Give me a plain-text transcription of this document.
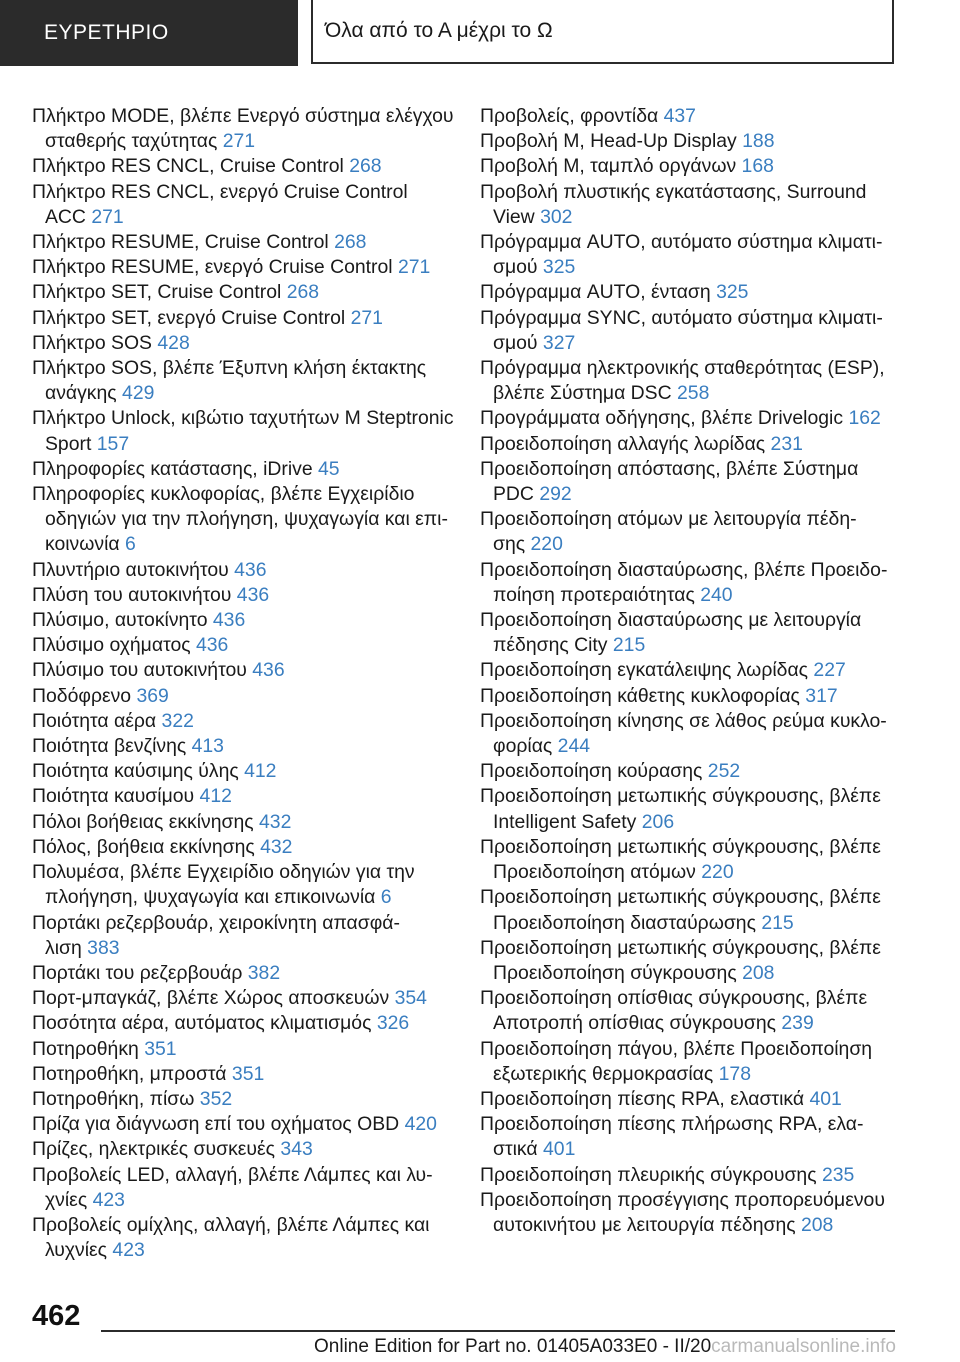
ΕΥΡΕΤΗΡΙΟ	Όλα από το Α μέχρι το Ω
Πλήκτρο MODE, βλέπε Ενεργό σύστημα ελέγχου
σταθερής ταχύτητας 271
Πλήκτρο RES CNCL, Cruise Control 268
Πλήκτρο RES CNCL, ενεργό Cruise Control
ACC 271
Πλήκτρο RESUME, Cruise Control 268
Πλήκτρο RESUME, ενεργό Cruise Control 271
Πλήκτρο SET, Cruise Control 268
Πλήκτρο SET, ενεργό Cruise Control 271
Πλήκτρο SOS 428
Πλήκτρο SOS, βλέπε Έξυπνη κλήση έκτακτης
ανάγκης 429
Πλήκτρο Unlock, κιβώτιο ταχυτήτων M Steptronic
Sport 157
Πληροφορίες κατάστασης, iDrive 45
Πληροφορίες κυκλοφορίας, βλέπε Εγχειρίδιο
οδηγιών για την πλοήγηση, ψυχαγωγία και επι-
κοινωνία 6
Πλυντήριο αυτοκινήτου 436
Πλύση του αυτοκινήτου 436
Πλύσιμο, αυτοκίνητο 436
Πλύσιμο οχήματος 436
Πλύσιμο του αυτοκινήτου 436
Ποδόφρενο 369
Ποιότητα αέρα 322
Ποιότητα βενζίνης 413
Ποιότητα καύσιμης ύλης 412
Ποιότητα καυσίμου 412
Πόλοι βοήθειας εκκίνησης 432
Πόλος, βοήθεια εκκίνησης 432
Πολυμέσα, βλέπε Εγχειρίδιο οδηγιών για την
πλοήγηση, ψυχαγωγία και επικοινωνία 6
Πορτάκι ρεζερβουάρ, χειροκίνητη απασφά-
λιση 383
Πορτάκι του ρεζερβουάρ 382
Πορτ-μπαγκάζ, βλέπε Χώρος αποσκευών 354
Ποσότητα αέρα, αυτόματος κλιματισμός 326
Ποτηροθήκη 351
Ποτηροθήκη, μπροστά 351
Ποτηροθήκη, πίσω 352
Πρίζα για διάγνωση επί του οχήματος OBD 420
Πρίζες, ηλεκτρικές συσκευές 343
Προβολείς LED, αλλαγή, βλέπε Λάμπες και λυ-
χνίες 423
Προβολείς ομίχλης, αλλαγή, βλέπε Λάμπες και
λυχνίες 423
Προβολείς, φροντίδα 437
Προβολή Μ, Head-Up Display 188
Προβολή Μ, ταμπλό οργάνων 168
Προβολή πλυστικής εγκατάστασης, Surround
View 302
Πρόγραμμα AUTO, αυτόματο σύστημα κλιματι-
σμού 325
Πρόγραμμα AUTO, ένταση 325
Πρόγραμμα SYNC, αυτόματο σύστημα κλιματι-
σμού 327
Πρόγραμμα ηλεκτρονικής σταθερότητας (ESP),
βλέπε Σύστημα DSC 258
Προγράμματα οδήγησης, βλέπε Drivelogic 162
Προειδοποίηση αλλαγής λωρίδας 231
Προειδοποίηση απόστασης, βλέπε Σύστημα
PDC 292
Προειδοποίηση ατόμων με λειτουργία πέδη-
σης 220
Προειδοποίηση διασταύρωσης, βλέπε Προειδο-
ποίηση προτεραιότητας 240
Προειδοποίηση διασταύρωσης με λειτουργία
πέδησης City 215
Προειδοποίηση εγκατάλειψης λωρίδας 227
Προειδοποίηση κάθετης κυκλοφορίας 317
Προειδοποίηση κίνησης σε λάθος ρεύμα κυκλο-
φορίας 244
Προειδοποίηση κούρασης 252
Προειδοποίηση μετωπικής σύγκρουσης, βλέπε
Intelligent Safety 206
Προειδοποίηση μετωπικής σύγκρουσης, βλέπε
Προειδοποίηση ατόμων 220
Προειδοποίηση μετωπικής σύγκρουσης, βλέπε
Προειδοποίηση διασταύρωσης 215
Προειδοποίηση μετωπικής σύγκρουσης, βλέπε
Προειδοποίηση σύγκρουσης 208
Προειδοποίηση οπίσθιας σύγκρουσης, βλέπε
Αποτροπή οπίσθιας σύγκρουσης 239
Προειδοποίηση πάγου, βλέπε Προειδοποίηση
εξωτερικής θερμοκρασίας 178
Προειδοποίηση πίεσης RPA, ελαστικά 401
Προειδοποίηση πίεσης πλήρωσης RPA, ελα-
στικά 401
Προειδοποίηση πλευρικής σύγκρουσης 235
Προειδοποίηση προσέγγισης προπορευόμενου
αυτοκινήτου με λειτουργία πέδησης 208
462
Online Edition for Part no. 01405A033E0 - II/20carmanualsonline.info
